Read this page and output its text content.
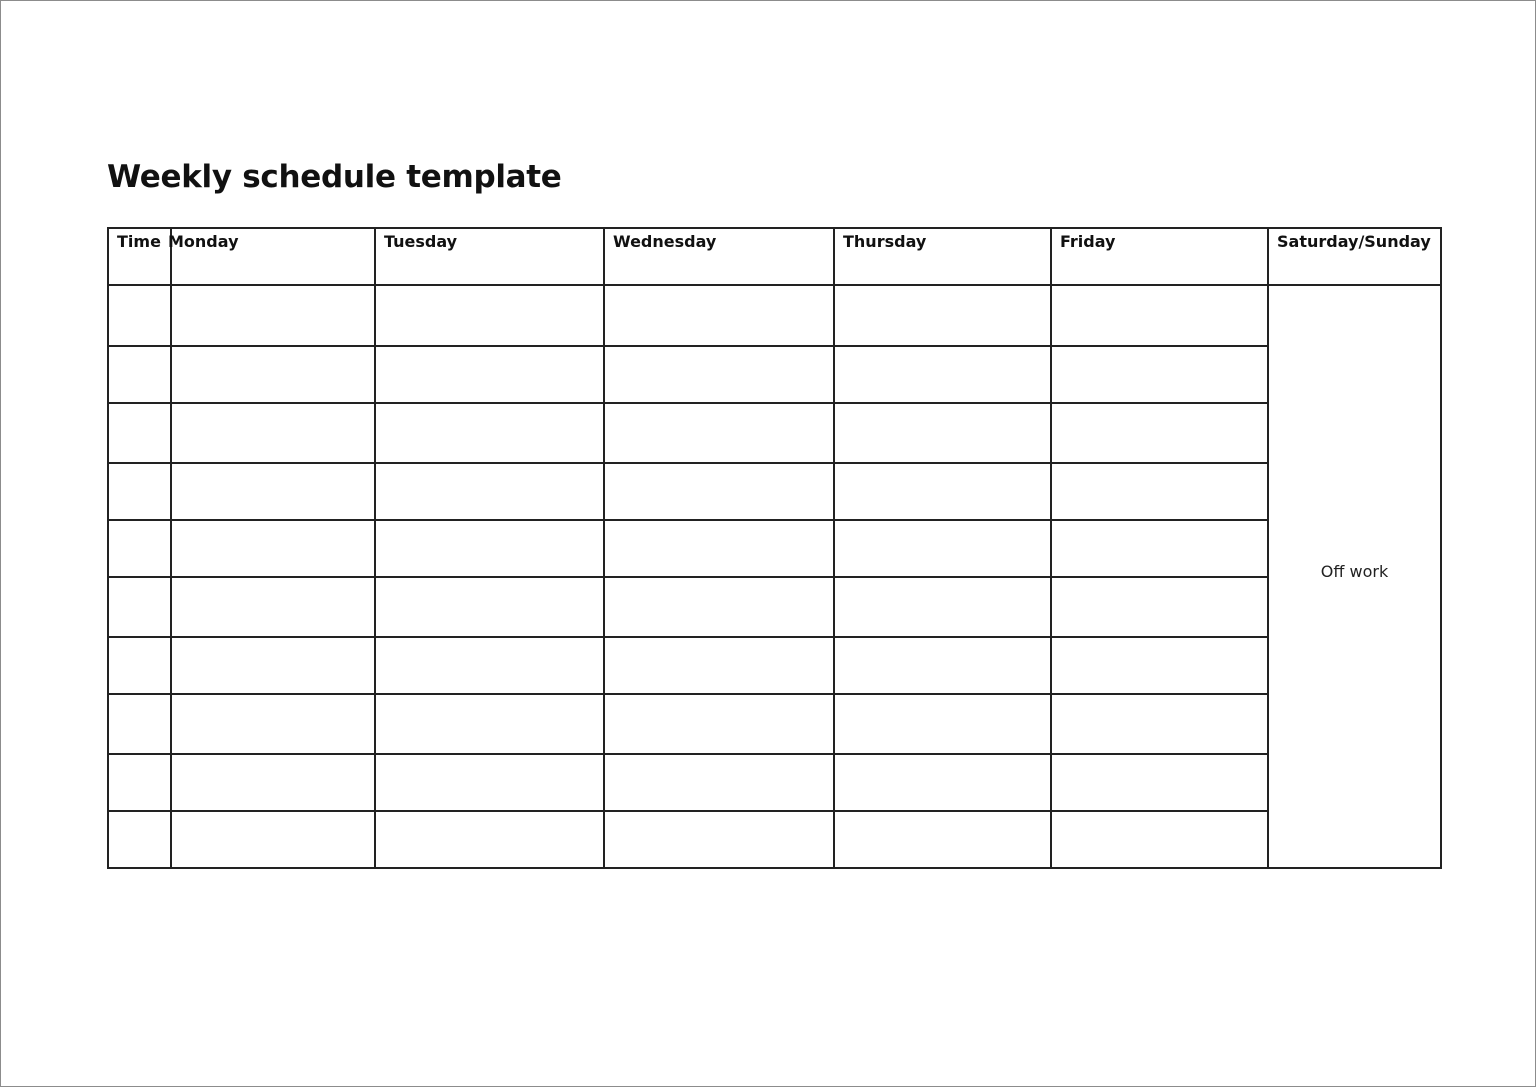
Weekly schedule template
Time	Monday	Tuesday	Wednesday	Thursday	Friday	Saturday/Sunday
						Off work
